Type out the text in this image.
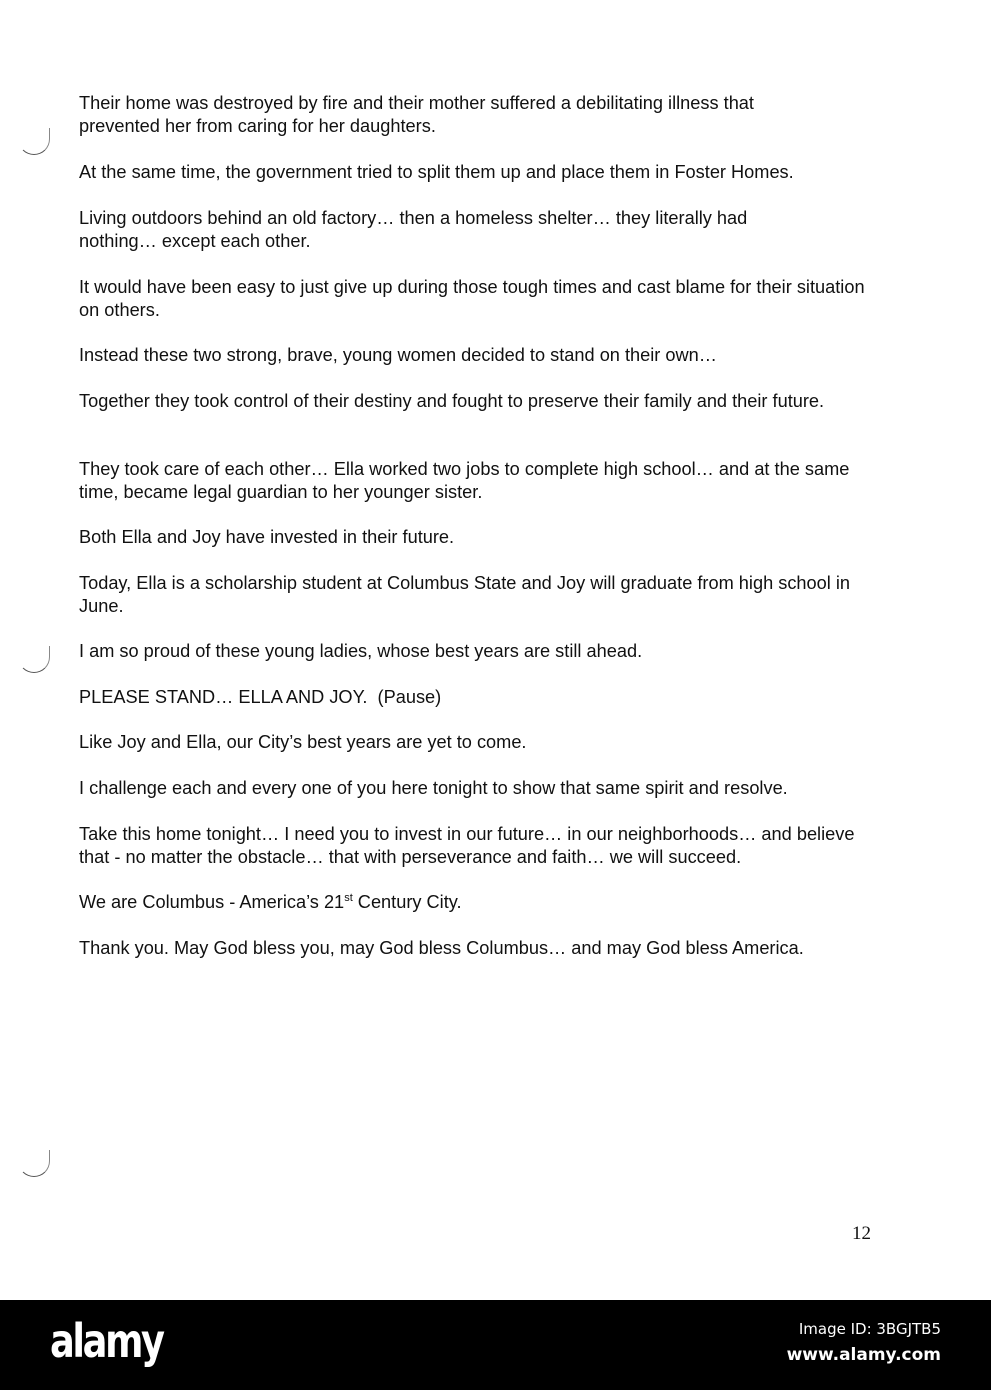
Their home was destroyed by fire and their mother suffered a debilitating illness that prevented her from caring for her daughters.

At the same time, the government tried to split them up and place them in Foster Homes.

Living outdoors behind an old factory… then a homeless shelter… they literally had nothing… except each other.

It would have been easy to just give up during those tough times and cast blame for their situation on others.

Instead these two strong, brave, young women decided to stand on their own…

Together they took control of their destiny and fought to preserve their family and their future.

They took care of each other… Ella worked two jobs to complete high school… and at the same time, became legal guardian to her younger sister.

Both Ella and Joy have invested in their future.

Today, Ella is a scholarship student at Columbus State and Joy will graduate from high school in June.

I am so proud of these young ladies, whose best years are still ahead.

PLEASE STAND… ELLA AND JOY.  (Pause)

Like Joy and Ella, our City’s best years are yet to come.

I challenge each and every one of you here tonight to show that same spirit and resolve.

Take this home tonight… I need you to invest in our future… in our neighborhoods… and believe that - no matter the obstacle… that with perseverance and faith… we will succeed.

We are Columbus - America’s 21st Century City.

Thank you. May God bless you, may God bless Columbus… and may God bless America.

12
alamy	Image ID: 3BGJTB5
www.alamy.com
